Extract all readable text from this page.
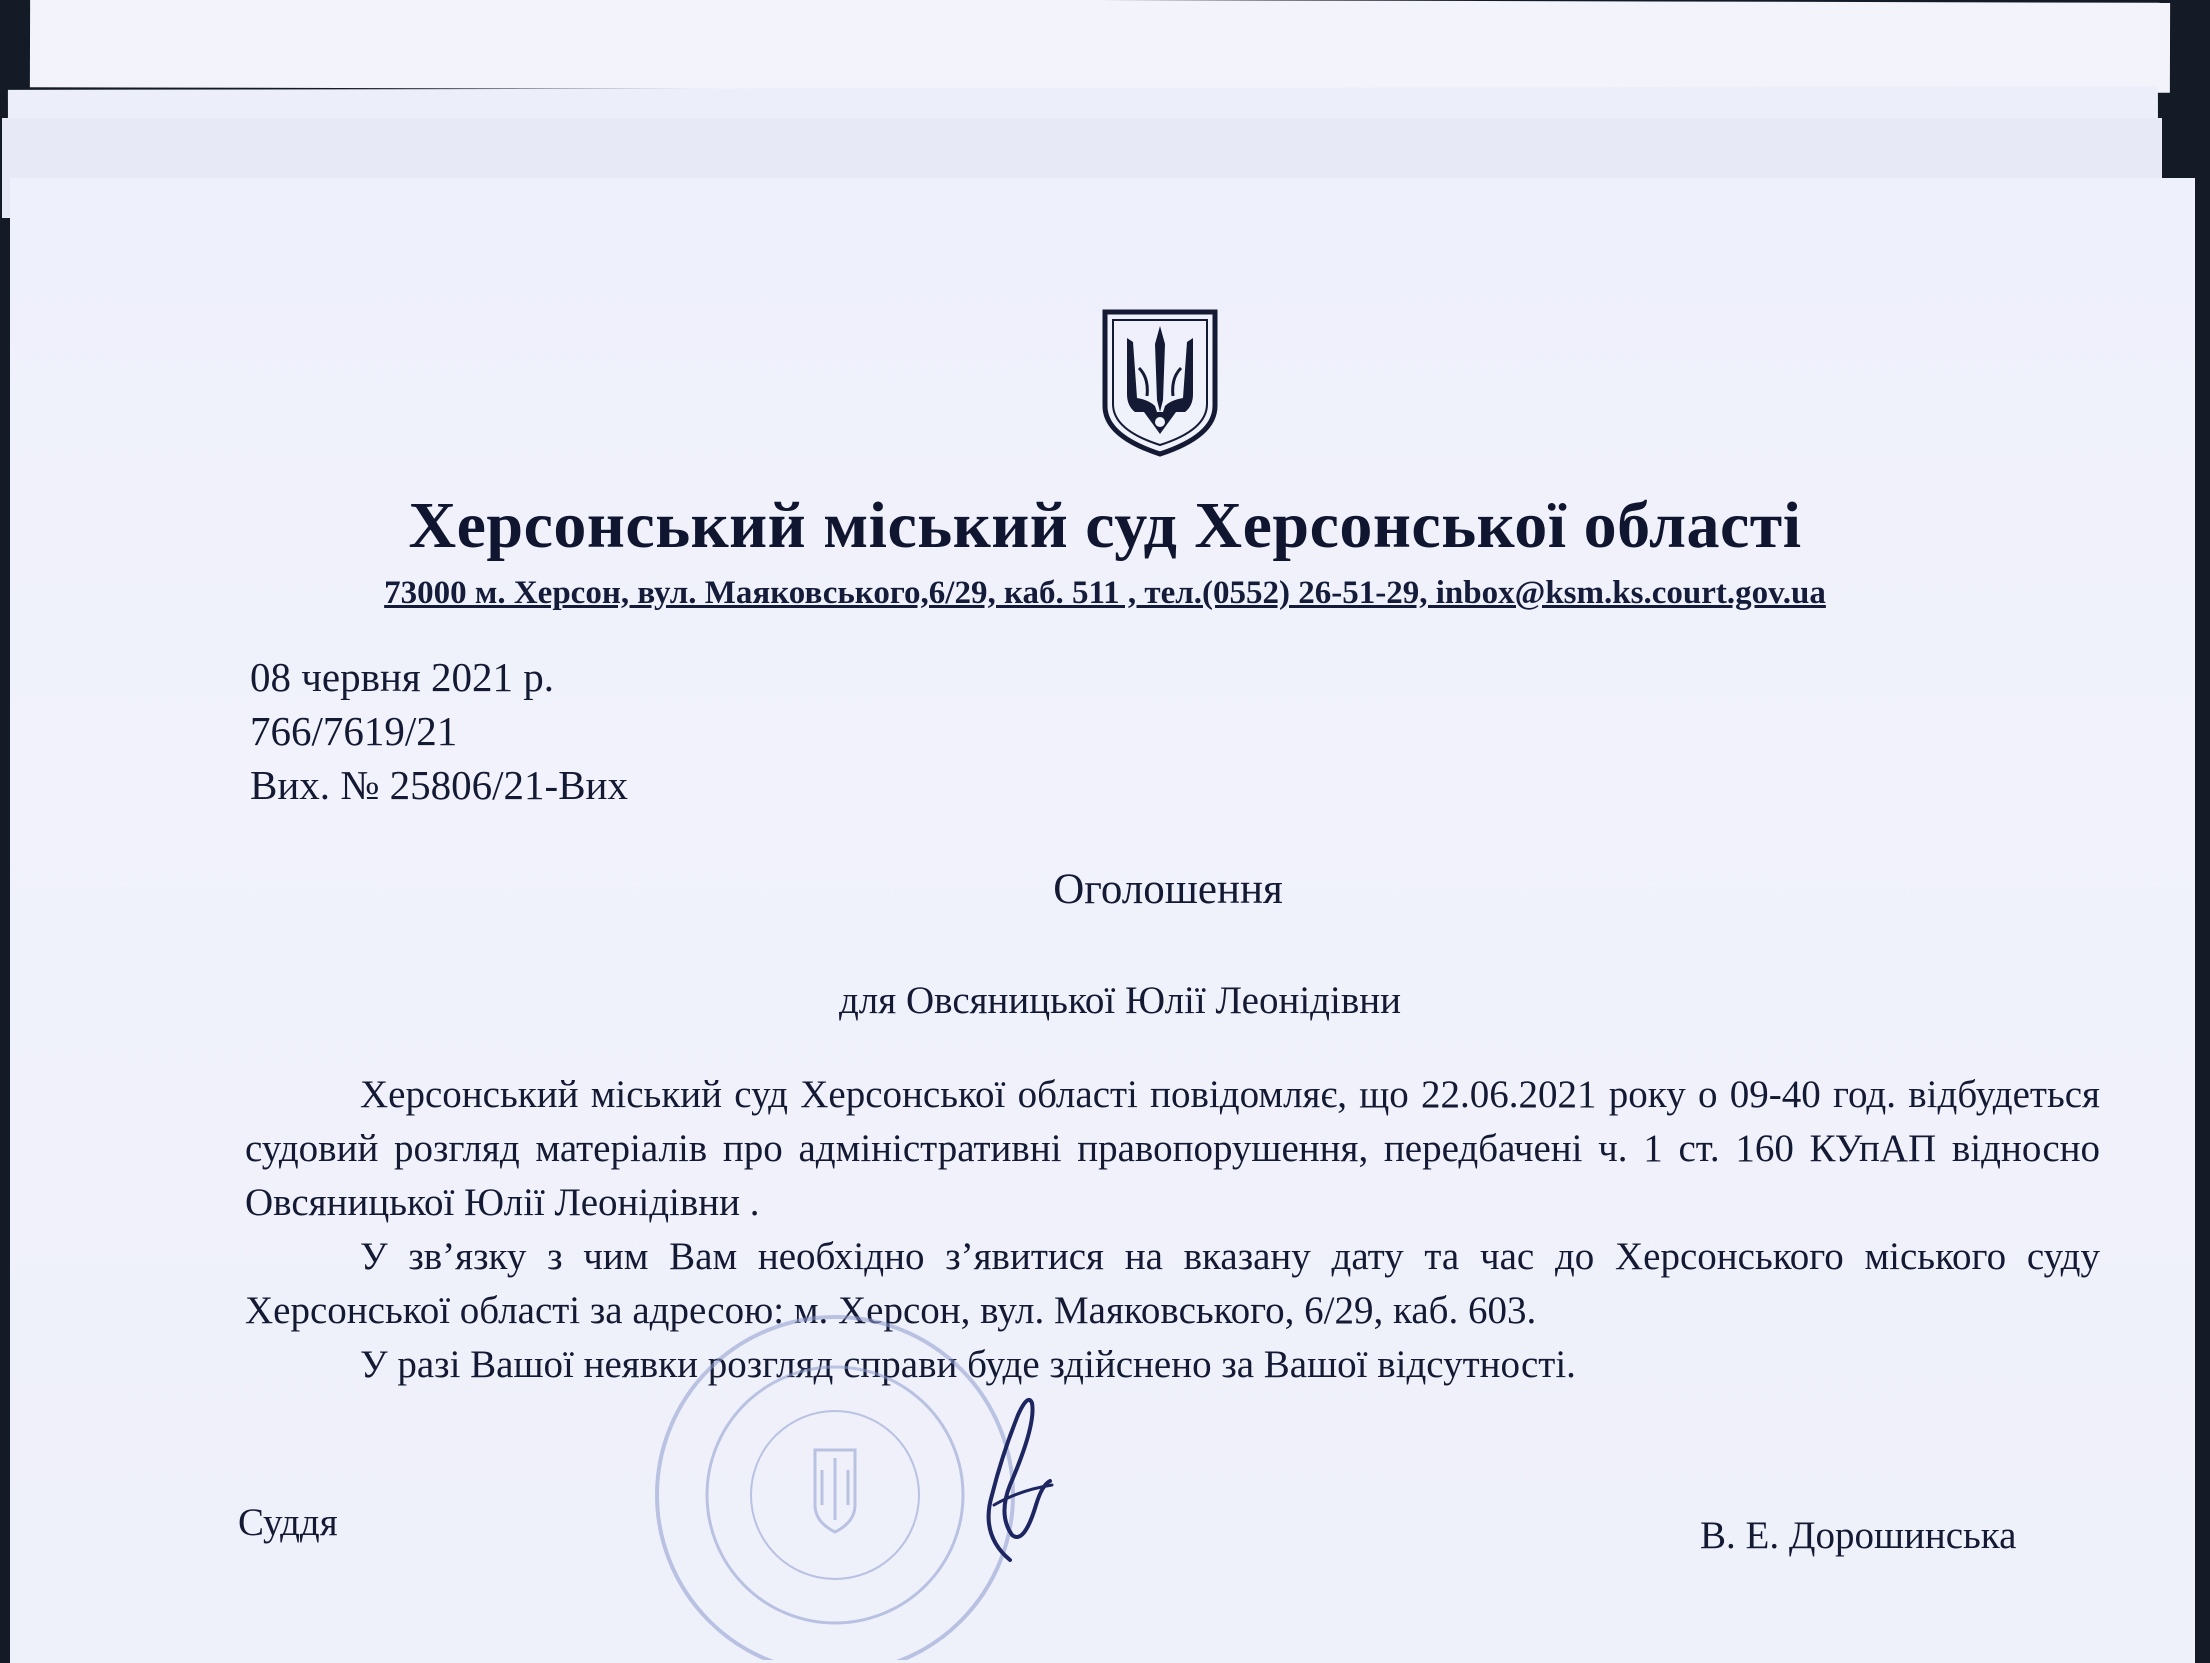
Херсонський міський суд Херсонської області
73000 м. Херсон, вул. Маяковського,6/29, каб. 511 , тел.(0552) 26-51-29, inbox@ksm.ks.court.gov.ua
08 червня 2021 р.
766/7619/21
Вих. № 25806/21-Вих
Оголошення
для Овсяницької Юлії Леонідівни

Херсонський міський суд Херсонської області повідомляє, що 22.06.2021 року о 09-40 год. відбудеться судовий розгляд матеріалів про адміністративні правопорушення, передбачені ч. 1 ст. 160 КУпАП відносно Овсяницької Юлії Леонідівни .

У зв’язку з чим Вам необхідно з’явитися на вказану дату та час до Херсонського міського суду Херсонської області за адресою: м. Херсон, вул. Маяковського, 6/29, каб. 603.

У разі Вашої неявки розгляд справи буде здійснено за Вашої відсутності.

Суддя	В. Е. Дорошинська
